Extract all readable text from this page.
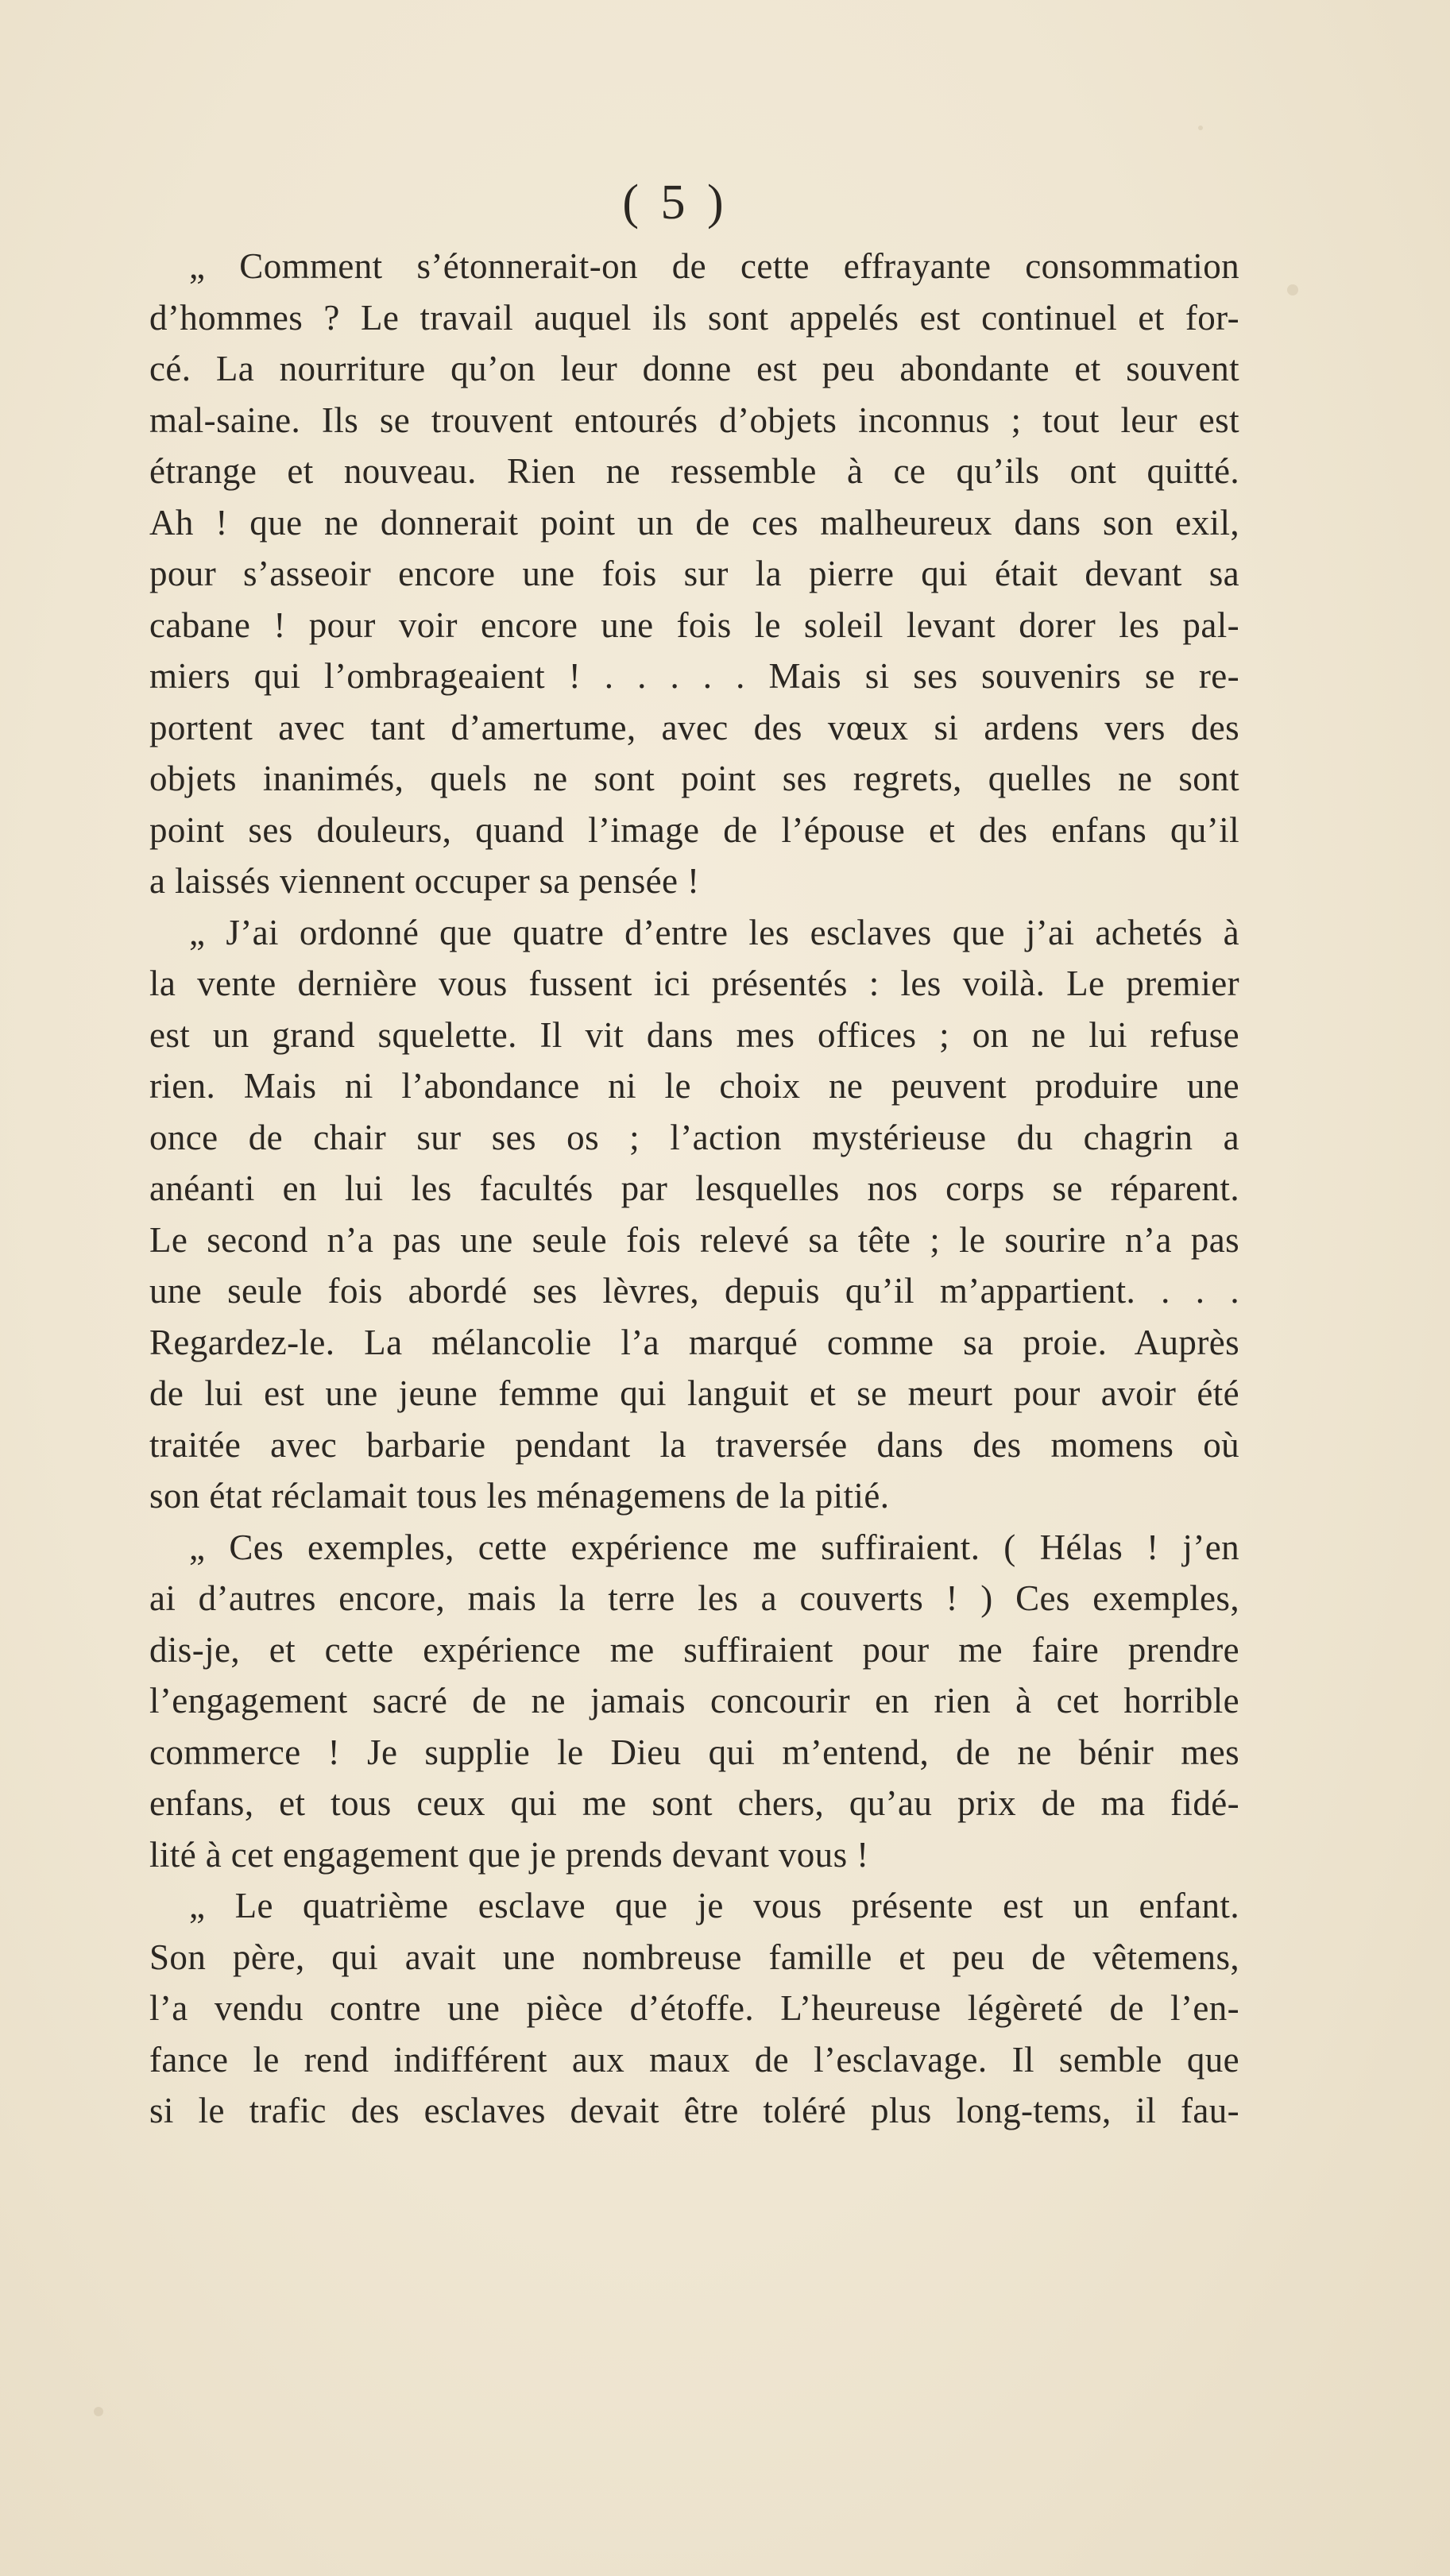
( 5 )
„ Comment s’étonnerait-on de cette effrayante consommation
d’hommes ? Le travail auquel ils sont appelés est continuel et for-
cé. La nourriture qu’on leur donne est peu abondante et souvent
mal-saine. Ils se trouvent entourés d’objets inconnus ; tout leur est
étrange et nouveau. Rien ne ressemble à ce qu’ils ont quitté.
Ah ! que ne donnerait point un de ces malheureux dans son exil,
pour s’asseoir encore une fois sur la pierre qui était devant sa
cabane ! pour voir encore une fois le soleil levant dorer les pal-
miers qui l’ombrageaient ! . . . . . Mais si ses souvenirs se re-
portent avec tant d’amertume, avec des vœux si ardens vers des
objets inanimés, quels ne sont point ses regrets, quelles ne sont
point ses douleurs, quand l’image de l’épouse et des enfans qu’il
a laissés viennent occuper sa pensée !
„ J’ai ordonné que quatre d’entre les esclaves que j’ai achetés à
la vente dernière vous fussent ici présentés : les voilà. Le premier
est un grand squelette. Il vit dans mes offices ; on ne lui refuse
rien. Mais ni l’abondance ni le choix ne peuvent produire une
once de chair sur ses os ; l’action mystérieuse du chagrin a
anéanti en lui les facultés par lesquelles nos corps se réparent.
Le second n’a pas une seule fois relevé sa tête ; le sourire n’a pas
une seule fois abordé ses lèvres, depuis qu’il m’appartient. . . .
Regardez-le. La mélancolie l’a marqué comme sa proie. Auprès
de lui est une jeune femme qui languit et se meurt pour avoir été
traitée avec barbarie pendant la traversée dans des momens où
son état réclamait tous les ménagemens de la pitié.
„ Ces exemples, cette expérience me suffiraient. ( Hélas ! j’en
ai d’autres encore, mais la terre les a couverts ! ) Ces exemples,
dis-je, et cette expérience me suffiraient pour me faire prendre
l’engagement sacré de ne jamais concourir en rien à cet horrible
commerce ! Je supplie le Dieu qui m’entend, de ne bénir mes
enfans, et tous ceux qui me sont chers, qu’au prix de ma fidé-
lité à cet engagement que je prends devant vous !
„ Le quatrième esclave que je vous présente est un enfant.
Son père, qui avait une nombreuse famille et peu de vêtemens,
l’a vendu contre une pièce d’étoffe. L’heureuse légèreté de l’en-
fance le rend indifférent aux maux de l’esclavage. Il semble que
si le trafic des esclaves devait être toléré plus long-tems, il fau-
